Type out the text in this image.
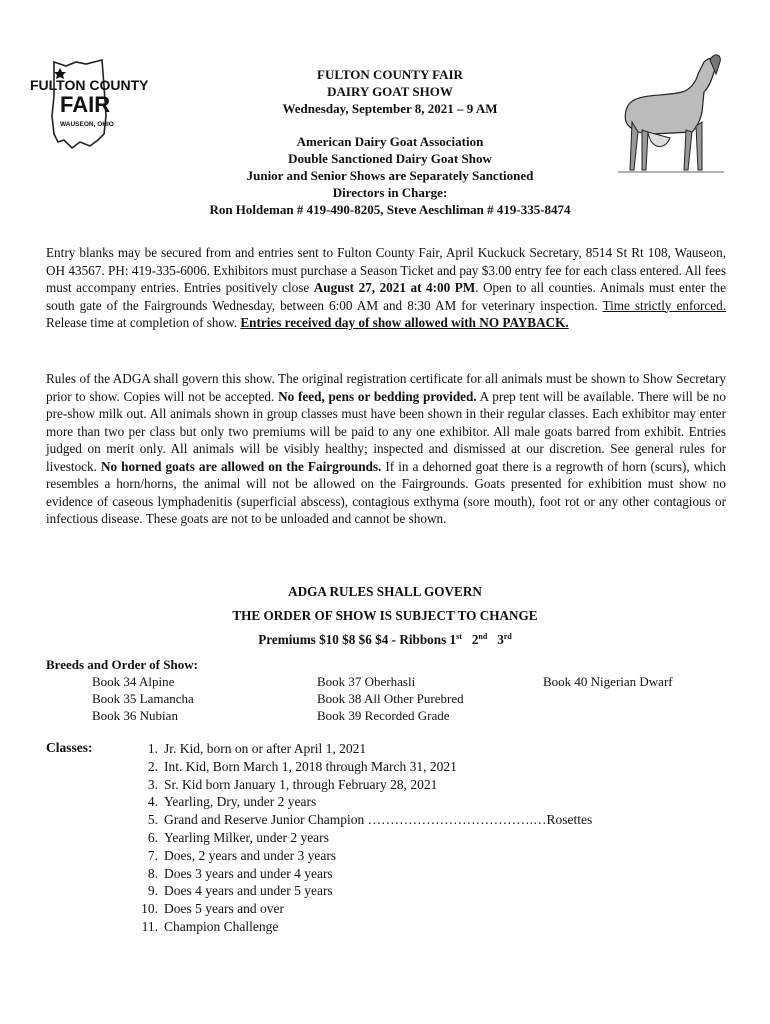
FULTON COUNTY
FAIR
WAUSEON, OHIO
FULTON COUNTY FAIR
DAIRY GOAT SHOW
Wednesday, September 8, 2021 – 9 AM
American Dairy Goat Association
Double Sanctioned Dairy Goat Show
Junior and Senior Shows are Separately Sanctioned
Directors in Charge:
Ron Holdeman # 419-490-8205, Steve Aeschliman # 419-335-8474
Entry blanks may be secured from and entries sent to Fulton County Fair, April Kuckuck Secretary, 8514 St Rt 108, Wauseon, OH 43567. PH: 419-335-6006. Exhibitors must purchase a Season Ticket and pay $3.00 entry fee for each class entered. All fees must accompany entries. Entries positively close August 27, 2021 at 4:00 PM. Open to all counties. Animals must enter the south gate of the Fairgrounds Wednesday, between 6:00 AM and 8:30 AM for veterinary inspection. Time strictly enforced. Release time at completion of show. Entries received day of show allowed with NO PAYBACK.
Rules of the ADGA shall govern this show. The original registration certificate for all animals must be shown to Show Secretary prior to show. Copies will not be accepted. No feed, pens or bedding provided. A prep tent will be available. There will be no pre-show milk out. All animals shown in group classes must have been shown in their regular classes. Each exhibitor may enter more than two per class but only two premiums will be paid to any one exhibitor. All male goats barred from exhibit. Entries judged on merit only. All animals will be visibly healthy; inspected and dismissed at our discretion. See general rules for livestock. No horned goats are allowed on the Fairgrounds. If in a dehorned goat there is a regrowth of horn (scurs), which resembles a horn/horns, the animal will not be allowed on the Fairgrounds. Goats presented for exhibition must show no evidence of caseous lymphadenitis (superficial abscess), contagious exthyma (sore mouth), foot rot or any other contagious or infectious disease. These goats are not to be unloaded and cannot be shown.
ADGA RULES SHALL GOVERN
THE ORDER OF SHOW IS SUBJECT TO CHANGE
Premiums $10 $8 $6 $4 - Ribbons 1st 2nd 3rd
Breeds and Order of Show:
Book 34 Alpine
Book 35 Lamancha
Book 36 Nubian
Book 37 Oberhasli
Book 38 All Other Purebred
Book 39 Recorded Grade
Book 40 Nigerian Dwarf
Classes:	1. Jr. Kid, born on or after April 1, 2021
2. Int. Kid, Born March 1, 2018 through March 31, 2021
3. Sr. Kid born January 1, through February 28, 2021
4. Yearling, Dry, under 2 years
5. Grand and Reserve Junior Champion ……………………………….…Rosettes
6. Yearling Milker, under 2 years
7. Does, 2 years and under 3 years
8. Does 3 years and under 4 years
9. Does 4 years and under 5 years
10. Does 5 years and over
11. Champion Challenge
